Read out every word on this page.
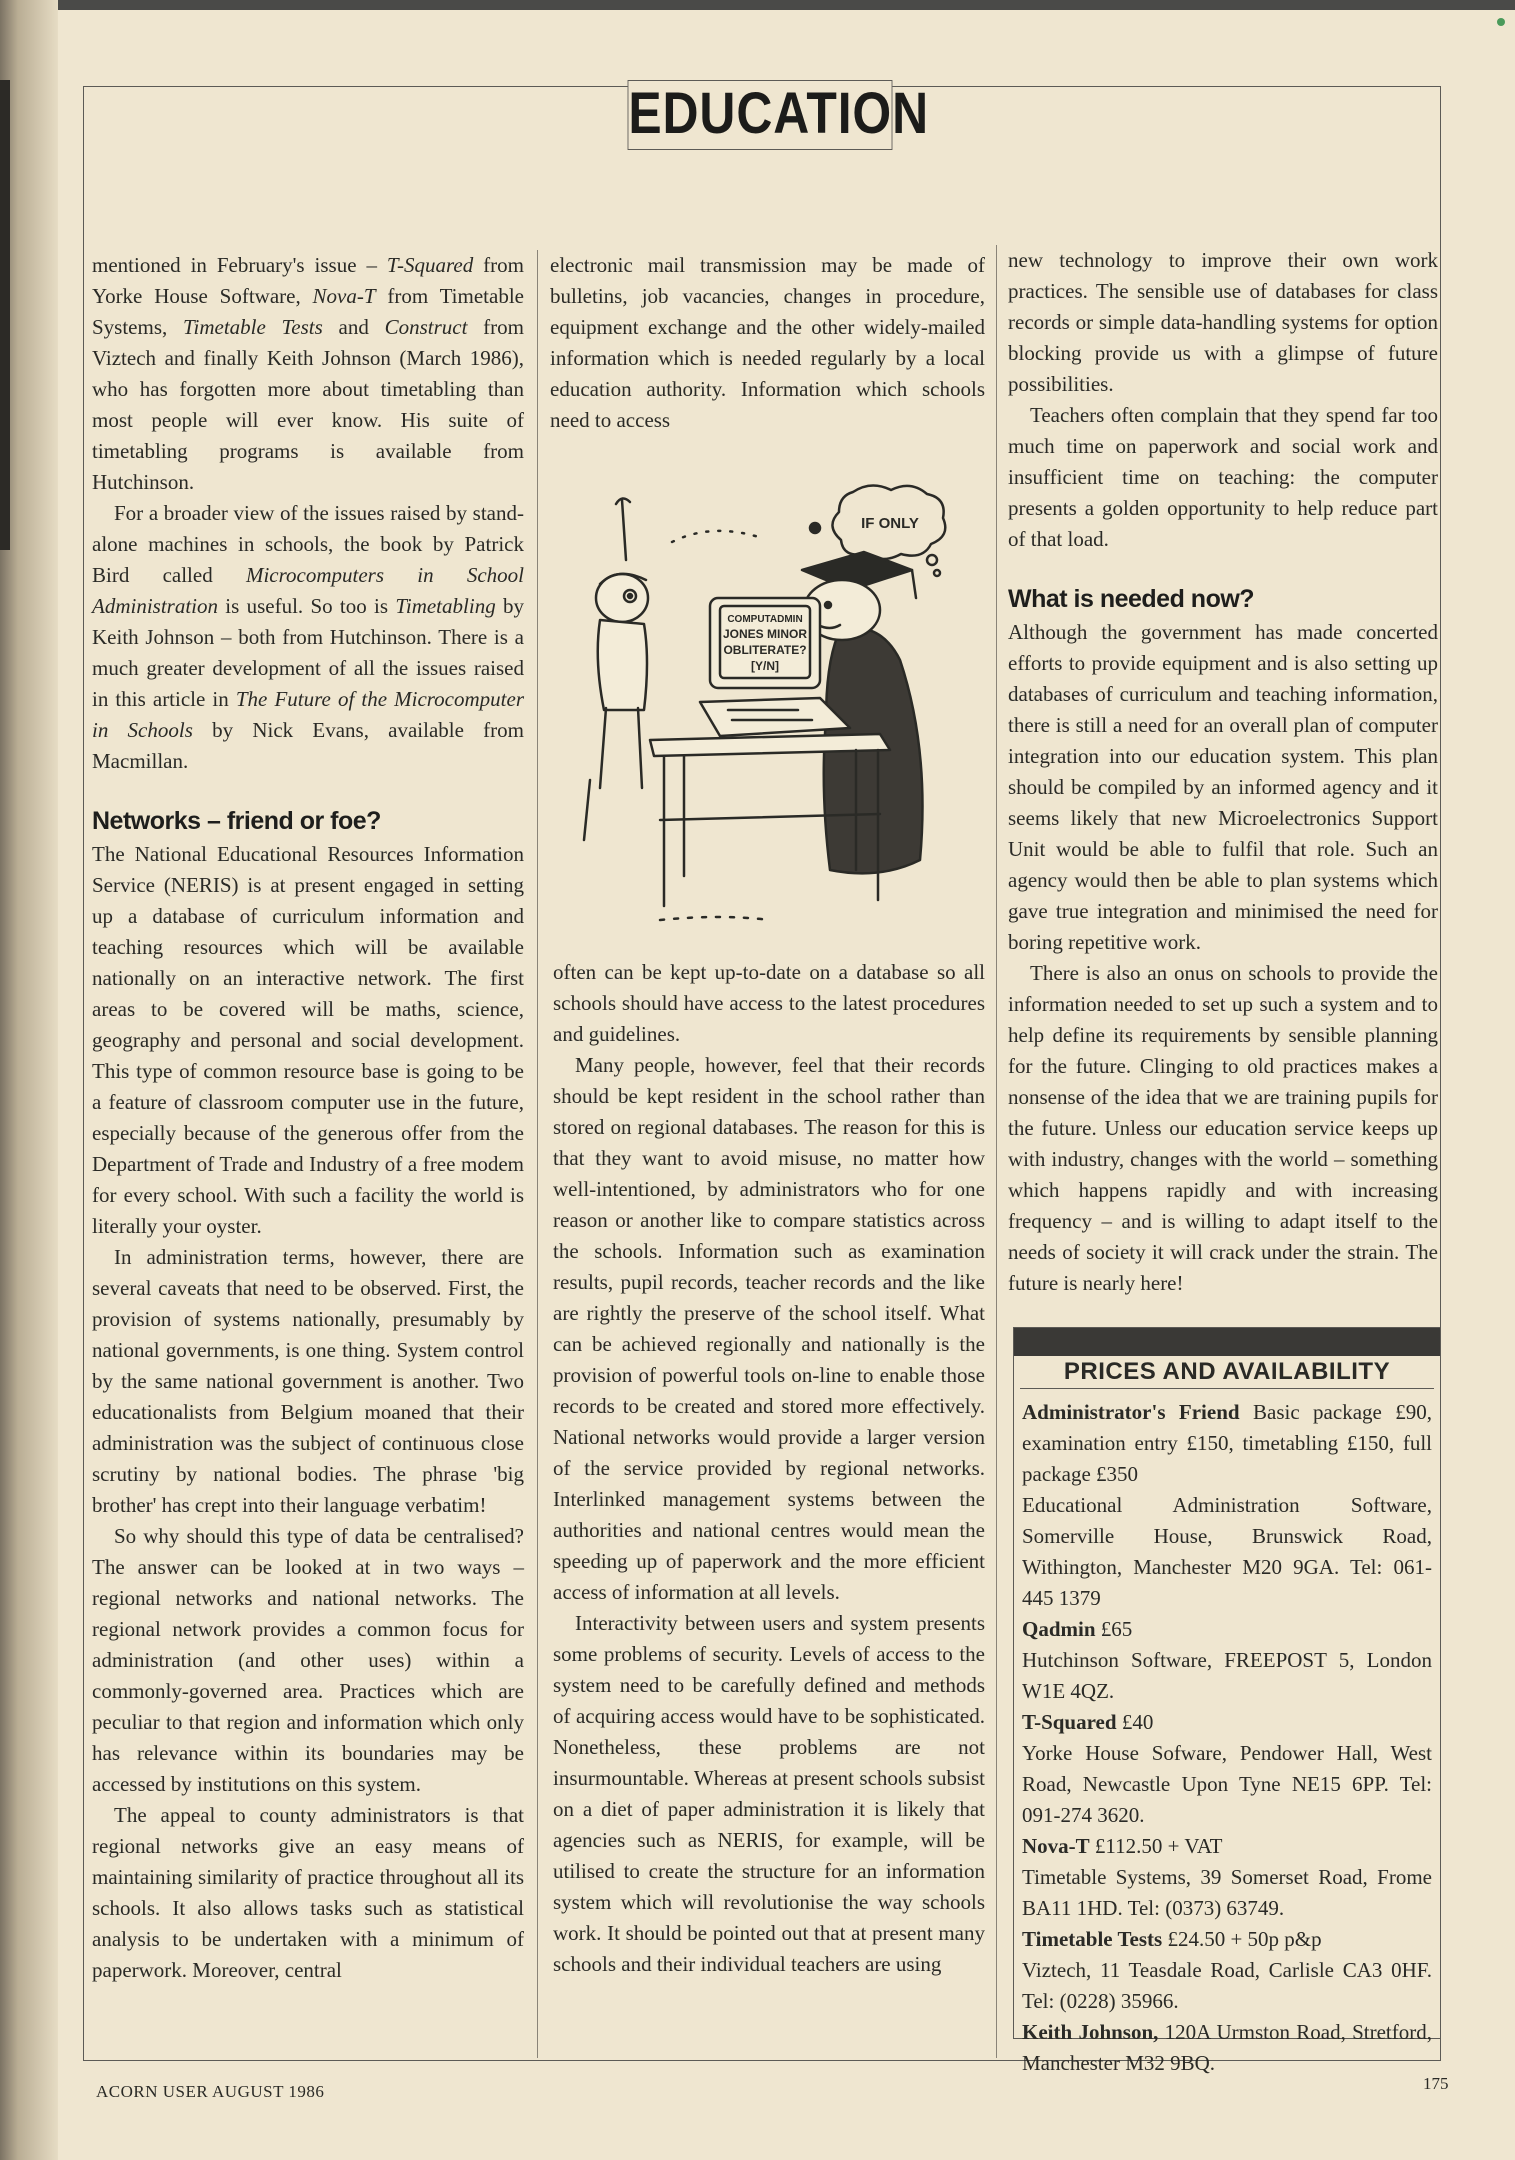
EDUCATION

mentioned in February's issue – T-Squared from Yorke House Software, Nova-T from Timetable Systems, Timetable Tests and Construct from Viztech and finally Keith Johnson (March 1986), who has forgotten more about timetabling than most people will ever know. His suite of timetabling programs is available from Hutchinson.

For a broader view of the issues raised by stand-alone machines in schools, the book by Patrick Bird called Microcomputers in School Administration is useful. So too is Timetabling by Keith Johnson – both from Hutchinson. There is a much greater development of all the issues raised in this article in The Future of the Microcomputer in Schools by Nick Evans, available from Macmillan.

Networks – friend or foe?

The National Educational Resources Information Service (NERIS) is at present engaged in setting up a database of curriculum information and teaching resources which will be available nationally on an interactive network. The first areas to be covered will be maths, science, geography and personal and social development. This type of common resource base is going to be a feature of classroom computer use in the future, especially because of the generous offer from the Department of Trade and Industry of a free modem for every school. With such a facility the world is literally your oyster.

In administration terms, however, there are several caveats that need to be observed. First, the provision of systems nationally, presumably by national governments, is one thing. System control by the same national government is another. Two educationalists from Belgium moaned that their administration was the subject of continuous close scrutiny by national bodies. The phrase 'big brother' has crept into their language verbatim!

So why should this type of data be centralised? The answer can be looked at in two ways – regional networks and national networks. The regional network provides a common focus for administration (and other uses) within a commonly-governed area. Practices which are peculiar to that region and information which only has relevance within its boundaries may be accessed by institutions on this system.

The appeal to county administrators is that regional networks give an easy means of maintaining similarity of practice throughout all its schools. It also allows tasks such as statistical analysis to be undertaken with a minimum of paperwork. Moreover, central

electronic mail transmission may be made of bulletins, job vacancies, changes in procedure, equipment exchange and the other widely-mailed information which is needed regularly by a local education authority. Information which schools need to access

IF ONLY
COMPUTADMIN
JONES MINOR
OBLITERATE?
[Y/N]

often can be kept up-to-date on a database so all schools should have access to the latest procedures and guidelines.

Many people, however, feel that their records should be kept resident in the school rather than stored on regional databases. The reason for this is that they want to avoid misuse, no matter how well-intentioned, by administrators who for one reason or another like to compare statistics across the schools. Information such as examination results, pupil records, teacher records and the like are rightly the preserve of the school itself. What can be achieved regionally and nationally is the provision of powerful tools on-line to enable those records to be created and stored more effectively. National networks would provide a larger version of the service provided by regional networks. Interlinked management systems between the authorities and national centres would mean the speeding up of paperwork and the more efficient access of information at all levels.

Interactivity between users and system presents some problems of security. Levels of access to the system need to be carefully defined and methods of acquiring access would have to be sophisticated. Nonetheless, these problems are not insurmountable. Whereas at present schools subsist on a diet of paper administration it is likely that agencies such as NERIS, for example, will be utilised to create the structure for an information system which will revolutionise the way schools work. It should be pointed out that at present many schools and their individual teachers are using

new technology to improve their own work practices. The sensible use of databases for class records or simple data-handling systems for option blocking provide us with a glimpse of future possibilities.

Teachers often complain that they spend far too much time on paperwork and social work and insufficient time on teaching: the computer presents a golden opportunity to help reduce part of that load.

What is needed now?

Although the government has made concerted efforts to provide equipment and is also setting up databases of curriculum and teaching information, there is still a need for an overall plan of computer integration into our education system. This plan should be compiled by an informed agency and it seems likely that new Microelectronics Support Unit would be able to fulfil that role. Such an agency would then be able to plan systems which gave true integration and minimised the need for boring repetitive work.

There is also an onus on schools to provide the information needed to set up such a system and to help define its requirements by sensible planning for the future. Clinging to old practices makes a nonsense of the idea that we are training pupils for the future. Unless our education service keeps up with industry, changes with the world – something which happens rapidly and with increasing frequency – and is willing to adapt itself to the needs of society it will crack under the strain. The future is nearly here!

PRICES AND AVAILABILITY

Administrator's Friend Basic package £90, examination entry £150, timetabling £150, full package £350

Educational Administration Software, Somerville House, Brunswick Road, Withington, Manchester M20 9GA. Tel: 061-445 1379

Qadmin £65

Hutchinson Software, FREEPOST 5, London W1E 4QZ.

T-Squared £40

Yorke House Sofware, Pendower Hall, West Road, Newcastle Upon Tyne NE15 6PP. Tel: 091-274 3620.

Nova-T £112.50 + VAT

Timetable Systems, 39 Somerset Road, Frome BA11 1HD. Tel: (0373) 63749.

Timetable Tests £24.50 + 50p p&p

Viztech, 11 Teasdale Road, Carlisle CA3 0HF. Tel: (0228) 35966.

Keith Johnson, 120A Urmston Road, Stretford, Manchester M32 9BQ.

ACORN USER AUGUST 1986	175
